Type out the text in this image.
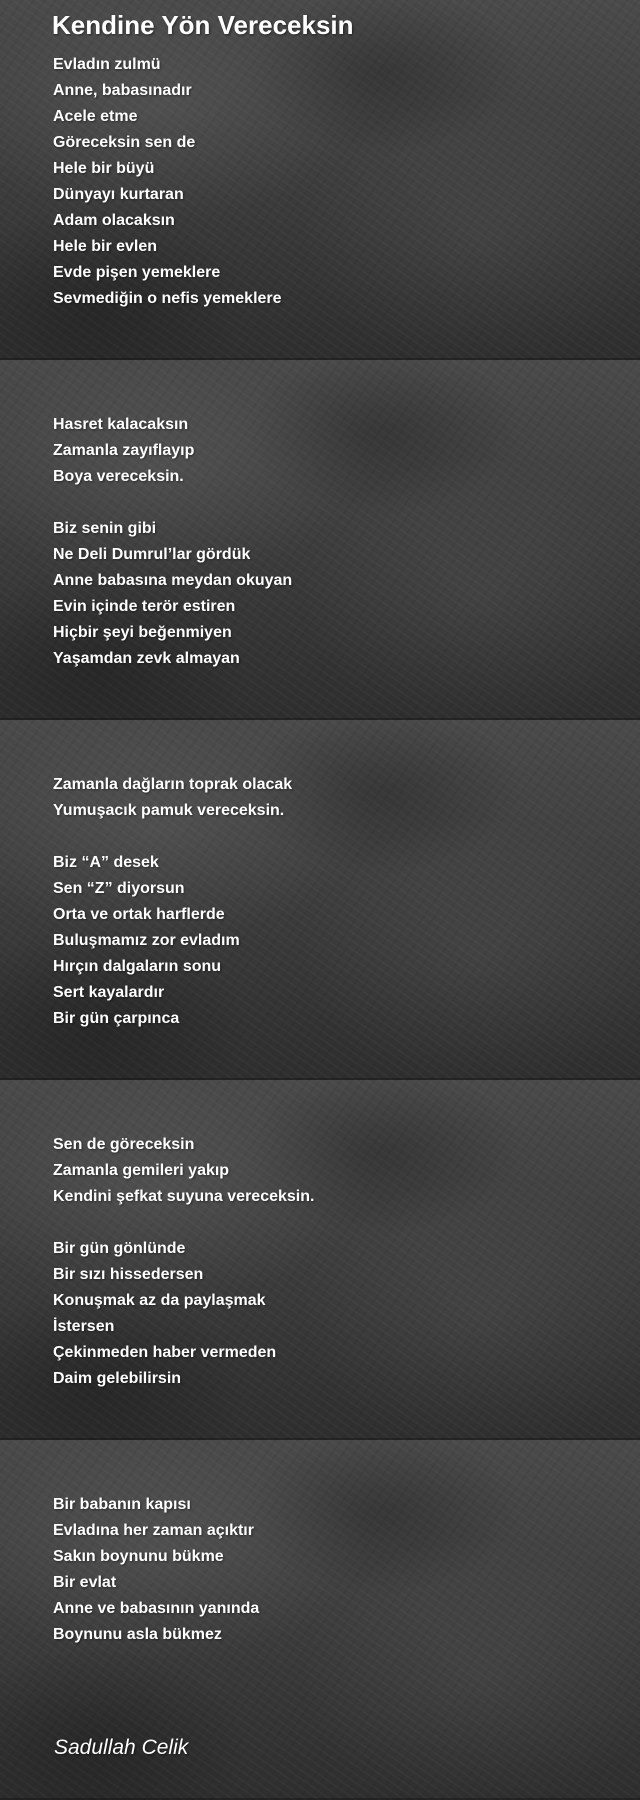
Kendine Yön Vereceksin
Evladın zulmü
Anne, babasınadır
Acele etme
Göreceksin sen de
Hele bir büyü
Dünyayı kurtaran
Adam olacaksın
Hele bir evlen
Evde pişen yemeklere
Sevmediğin o nefis yemeklere
Hasret kalacaksın
Zamanla zayıflayıp
Boya vereceksin.
Biz senin gibi
Ne Deli Dumrul’lar gördük
Anne babasına meydan okuyan
Evin içinde terör estiren
Hiçbir şeyi beğenmiyen
Yaşamdan zevk almayan
Zamanla dağların toprak olacak
Yumuşacık pamuk vereceksin.
Biz “A” desek
Sen “Z” diyorsun
Orta ve ortak harflerde
Buluşmamız zor evladım
Hırçın dalgaların sonu
Sert kayalardır
Bir gün çarpınca
Sen de göreceksin
Zamanla gemileri yakıp
Kendini şefkat suyuna vereceksin.
Bir gün gönlünde
Bir sızı hissedersen
Konuşmak az da paylaşmak
İstersen
Çekinmeden haber vermeden
Daim gelebilirsin
Bir babanın kapısı
Evladına her zaman açıktır
Sakın boynunu bükme
Bir evlat
Anne ve babasının yanında
Boynunu asla bükmez
Sadullah Celik
